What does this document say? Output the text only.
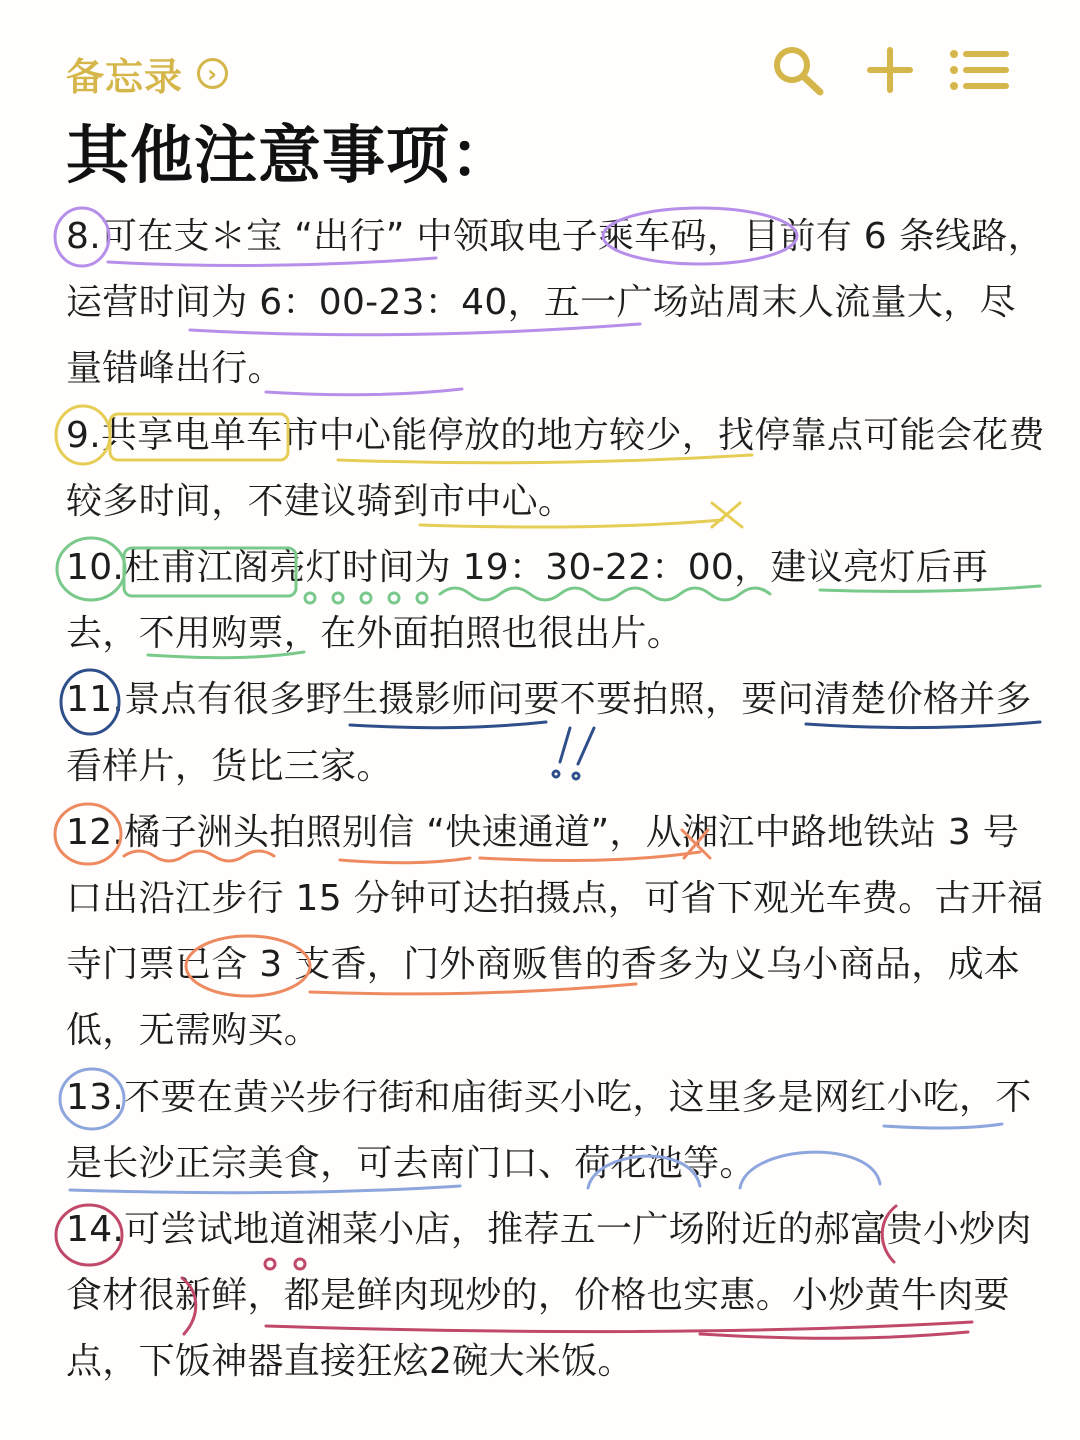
备忘录	›
其他注意事项：

8.可在支＊宝 “出行” 中领取电子乘车码，目前有 6 条线路，运营时间为 6：00-23：40，五一广场站周末人流量大，尽量错峰出行。

9.共享电单车市中心能停放的地方较少，找停靠点可能会花费较多时间，不建议骑到市中心。

10.杜甫江阁亮灯时间为 19：30-22：00，建议亮灯后再去，不用购票，在外面拍照也很出片。

11.景点有很多野生摄影师问要不要拍照，要问清楚价格并多看样片，货比三家。

12.橘子洲头拍照别信 “快速通道”，从湘江中路地铁站 3 号口出沿江步行 15 分钟可达拍摄点，可省下观光车费。古开福寺门票已含 3 支香，门外商贩售的香多为义乌小商品，成本低，无需购买。

13.不要在黄兴步行街和庙街买小吃，这里多是网红小吃，不是长沙正宗美食，可去南门口、荷花池等。

14.可尝试地道湘菜小店，推荐五一广场附近的郝富贵小炒肉食材很新鲜，都是鲜肉现炒的，价格也实惠。小炒黄牛肉要点，下饭神器直接狂炫2碗大米饭。
